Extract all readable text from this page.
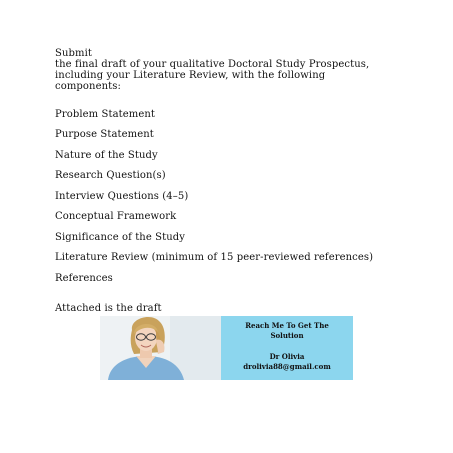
Submit
the final draft of your qualitative Doctoral Study Prospectus,
including your Literature Review, with the following
components:
Problem Statement
Purpose Statement
Nature of the Study
Research Question(s)
Interview Questions (4–5)
Conceptual Framework
Significance of the Study
Literature Review (minimum of 15 peer-reviewed references)
References
Attached is the draft
Reach Me To Get The
Solution
Dr Olivia
drolivia88@gmail.com
